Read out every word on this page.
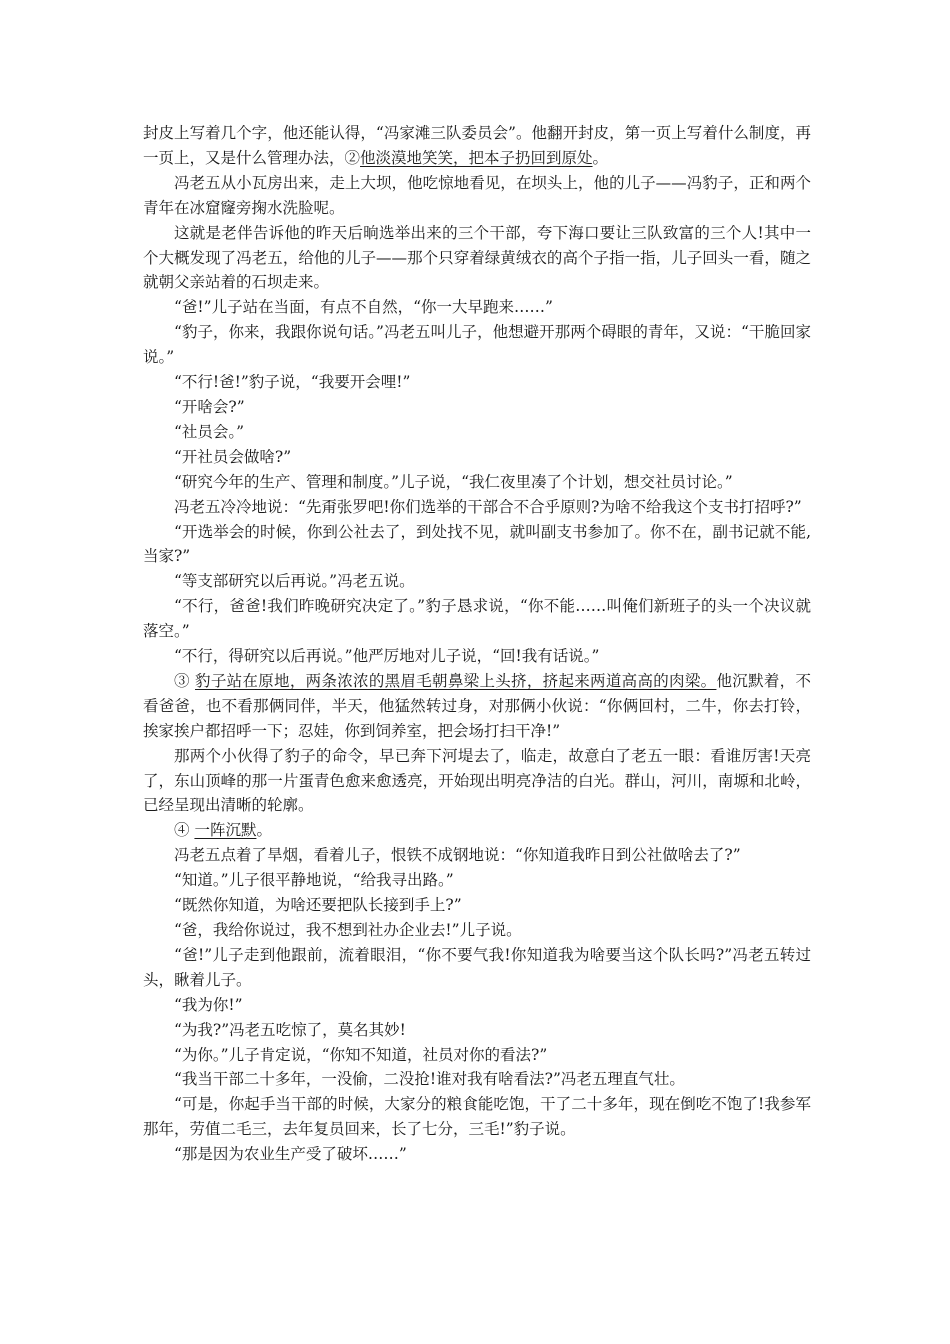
封皮上写着几个字，他还能认得，“冯家滩三队委员会”。他翻开封皮，第一页上写着什么制度，再一页上，又是什么管理办法，②他淡漠地笑笑，把本子扔回到原处。

冯老五从小瓦房出来，走上大坝，他吃惊地看见，在坝头上，他的儿子——冯豹子，正和两个青年在冰窟窿旁掬水洗脸呢。

这就是老伴告诉他的昨天后晌选举出来的三个干部，夸下海口要让三队致富的三个人!其中一个大概发现了冯老五，给他的儿子——那个只穿着绿黄绒衣的高个子指一指，儿子回头一看，随之就朝父亲站着的石坝走来。

“爸!”儿子站在当面，有点不自然，“你一大早跑来……”

“豹子，你来，我跟你说句话。”冯老五叫儿子，他想避开那两个碍眼的青年，又说：“干脆回家说。”

“不行!爸!”豹子说，“我要开会哩!”

“开啥会?”

“社员会。”

“开社员会做啥?”

“研究今年的生产、管理和制度。”儿子说，“我仁夜里凑了个计划，想交社员讨论。”

冯老五冷冷地说：“先甭张罗吧!你们选举的干部合不合乎原则?为啥不给我这个支书打招呼?”

“开选举会的时候，你到公社去了，到处找不见，就叫副支书参加了。你不在，副书记就不能,当家?”

“等支部研究以后再说。”冯老五说。

“不行，爸爸!我们昨晚研究决定了。”豹子恳求说，“你不能……叫俺们新班子的头一个决议就落空。”

“不行，得研究以后再说。”他严厉地对儿子说，“回!我有话说。”

③ 豹子站在原地，两条浓浓的黑眉毛朝鼻梁上头挤，挤起来两道高高的肉梁。他沉默着，不看爸爸，也不看那俩同伴，半天，他猛然转过身，对那俩小伙说：“你俩回村，二牛，你去打铃，挨家挨户都招呼一下；忍娃，你到饲养室，把会场打扫干净!”

那两个小伙得了豹子的命令，早已奔下河堤去了，临走，故意白了老五一眼：看谁厉害!天亮了，东山顶峰的那一片蛋青色愈来愈透亮，开始现出明亮净洁的白光。群山，河川，南塬和北岭，已经呈现出清晰的轮廓。

④ 一阵沉默。

冯老五点着了旱烟，看着儿子，恨铁不成钢地说：“你知道我昨日到公社做啥去了?”

“知道。”儿子很平静地说，“给我寻出路。”

“既然你知道，为啥还要把队长接到手上?”

“爸，我给你说过，我不想到社办企业去!”儿子说。

“爸!”儿子走到他跟前，流着眼泪，“你不要气我!你知道我为啥要当这个队长吗?”冯老五转过头，瞅着儿子。

“我为你!”

“为我?”冯老五吃惊了，莫名其妙!

“为你。”儿子肯定说，“你知不知道，社员对你的看法?”

“我当干部二十多年，一没偷，二没抢!谁对我有啥看法?”冯老五理直气壮。

“可是，你起手当干部的时候，大家分的粮食能吃饱，干了二十多年，现在倒吃不饱了!我参军那年，劳值二毛三，去年复员回来，长了七分，三毛!”豹子说。

“那是因为农业生产受了破坏……”
